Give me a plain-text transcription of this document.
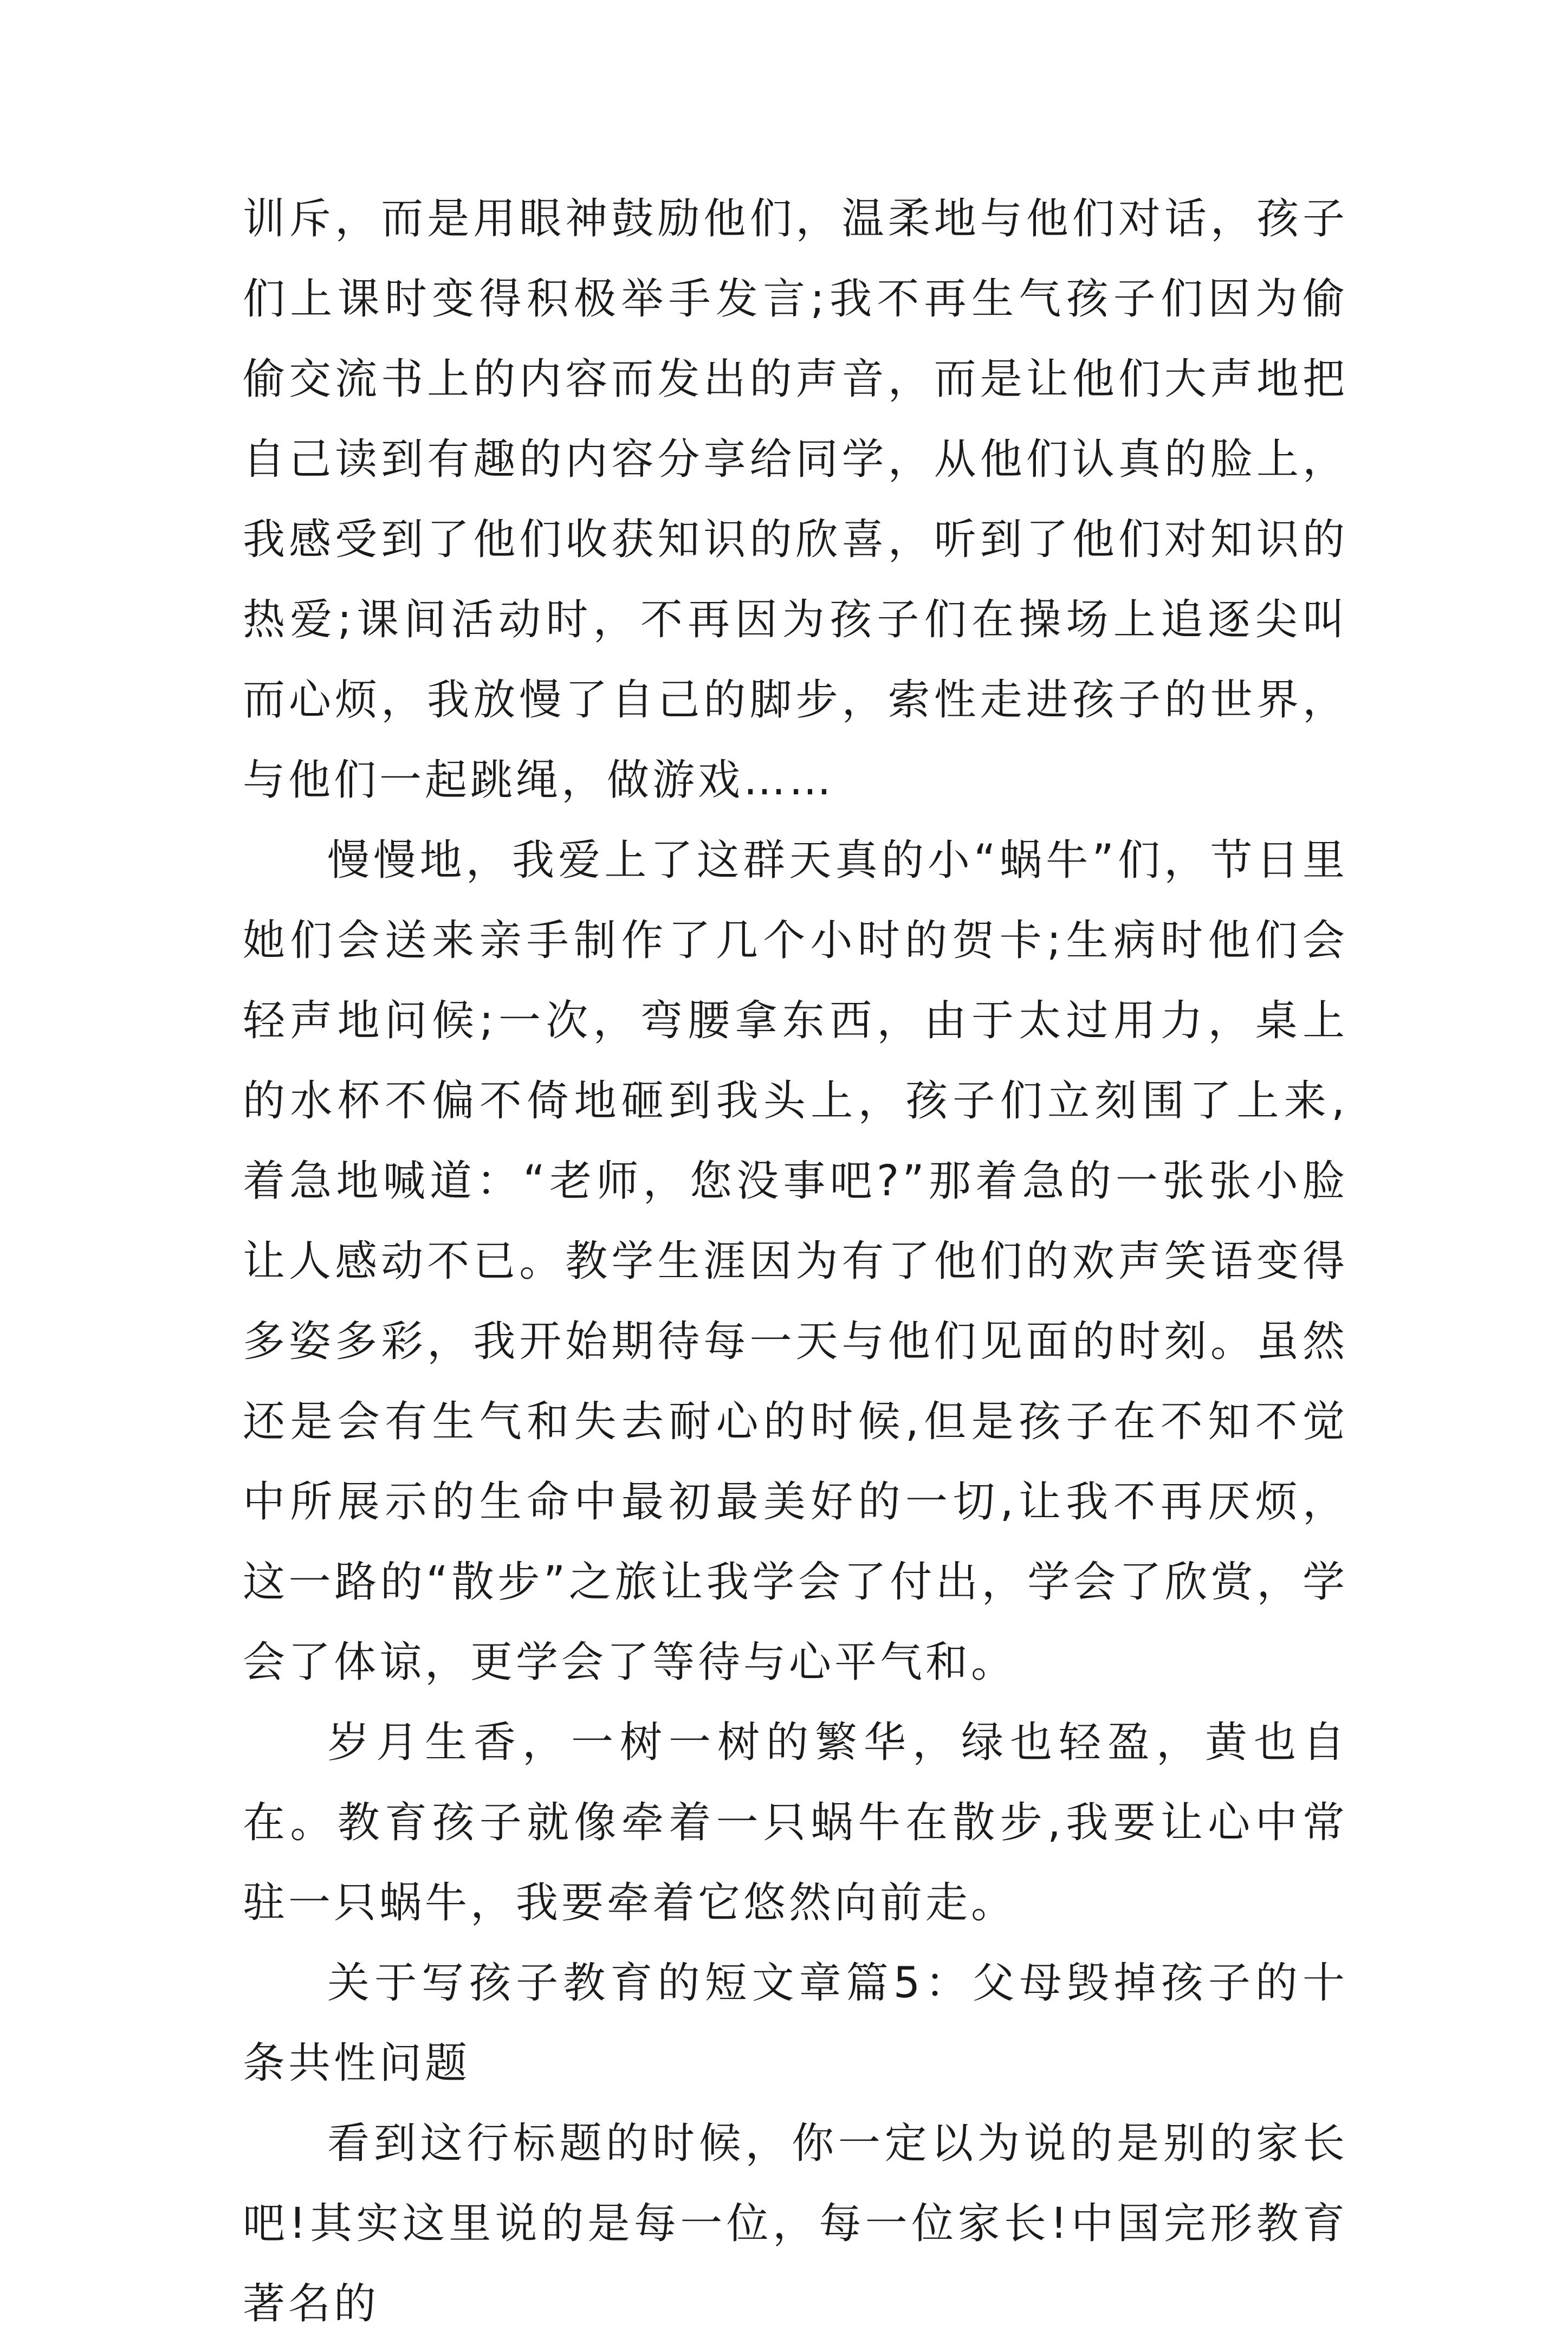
训斥，而是用眼神鼓励他们，温柔地与他们对话，孩子们上课时变得积极举手发言;我不再生气孩子们因为偷偷交流书上的内容而发出的声音，而是让他们大声地把自己读到有趣的内容分享给同学，从他们认真的脸上，我感受到了他们收获知识的欣喜，听到了他们对知识的热爱;课间活动时，不再因为孩子们在操场上追逐尖叫而心烦，我放慢了自己的脚步，索性走进孩子的世界，与他们一起跳绳，做游戏……

慢慢地，我爱上了这群天真的小“蜗牛”们，节日里她们会送来亲手制作了几个小时的贺卡;生病时他们会轻声地问候;一次，弯腰拿东西，由于太过用力，桌上的水杯不偏不倚地砸到我头上，孩子们立刻围了上来,着急地喊道：“老师，您没事吧?”那着急的一张张小脸让人感动不已。教学生涯因为有了他们的欢声笑语变得多姿多彩，我开始期待每一天与他们见面的时刻。虽然还是会有生气和失去耐心的时候,但是孩子在不知不觉中所展示的生命中最初最美好的一切,让我不再厌烦，这一路的“散步”之旅让我学会了付出，学会了欣赏，学会了体谅，更学会了等待与心平气和。

岁月生香，一树一树的繁华，绿也轻盈，黄也自在。教育孩子就像牵着一只蜗牛在散步,我要让心中常驻一只蜗牛，我要牵着它悠然向前走。

关于写孩子教育的短文章篇5：父母毁掉孩子的十条共性问题

看到这行标题的时候，你一定以为说的是别的家长吧!其实这里说的是每一位，每一位家长!中国完形教育著名的
